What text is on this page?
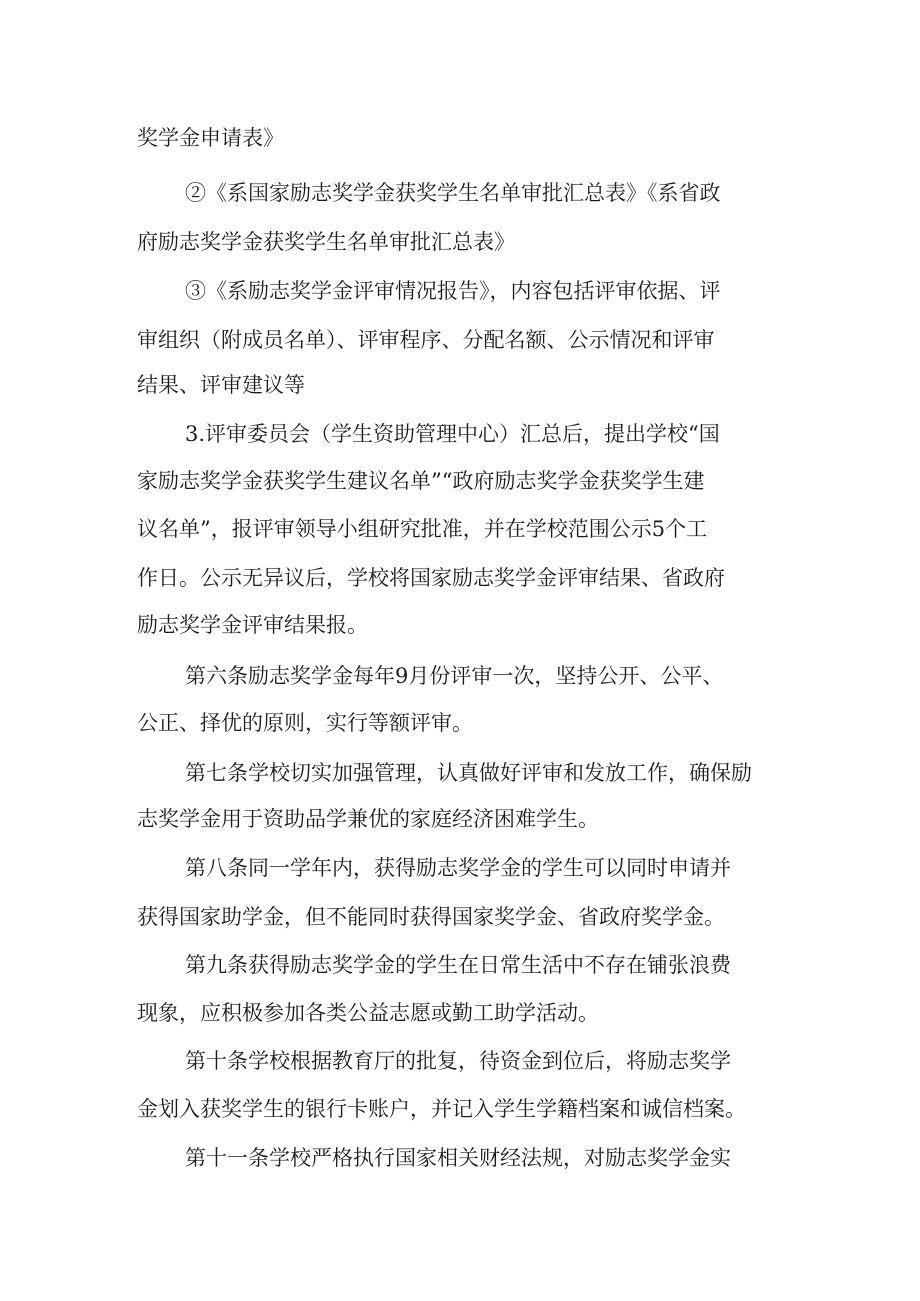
奖学金申请表》

②《系国家励志奖学金获奖学生名单审批汇总表》《系省政

府励志奖学金获奖学生名单审批汇总表》

③《系励志奖学金评审情况报告》，内容包括评审依据、评

审组织（附成员名单）、评审程序、分配名额、公示情况和评审

结果、评审建议等

3.评审委员会（学生资助管理中心）汇总后，提出学校“国

家励志奖学金获奖学生建议名单”“政府励志奖学金获奖学生建

议名单”，报评审领导小组研究批准，并在学校范围公示5个工

作日。公示无异议后，学校将国家励志奖学金评审结果、省政府

励志奖学金评审结果报。

第六条励志奖学金每年9月份评审一次，坚持公开、公平、

公正、择优的原则，实行等额评审。

第七条学校切实加强管理，认真做好评审和发放工作，确保励

志奖学金用于资助品学兼优的家庭经济困难学生。

第八条同一学年内，获得励志奖学金的学生可以同时申请并

获得国家助学金，但不能同时获得国家奖学金、省政府奖学金。

第九条获得励志奖学金的学生在日常生活中不存在铺张浪费

现象，应积极参加各类公益志愿或勤工助学活动。

第十条学校根据教育厅的批复，待资金到位后，将励志奖学

金划入获奖学生的银行卡账户，并记入学生学籍档案和诚信档案。

第十一条学校严格执行国家相关财经法规，对励志奖学金实
